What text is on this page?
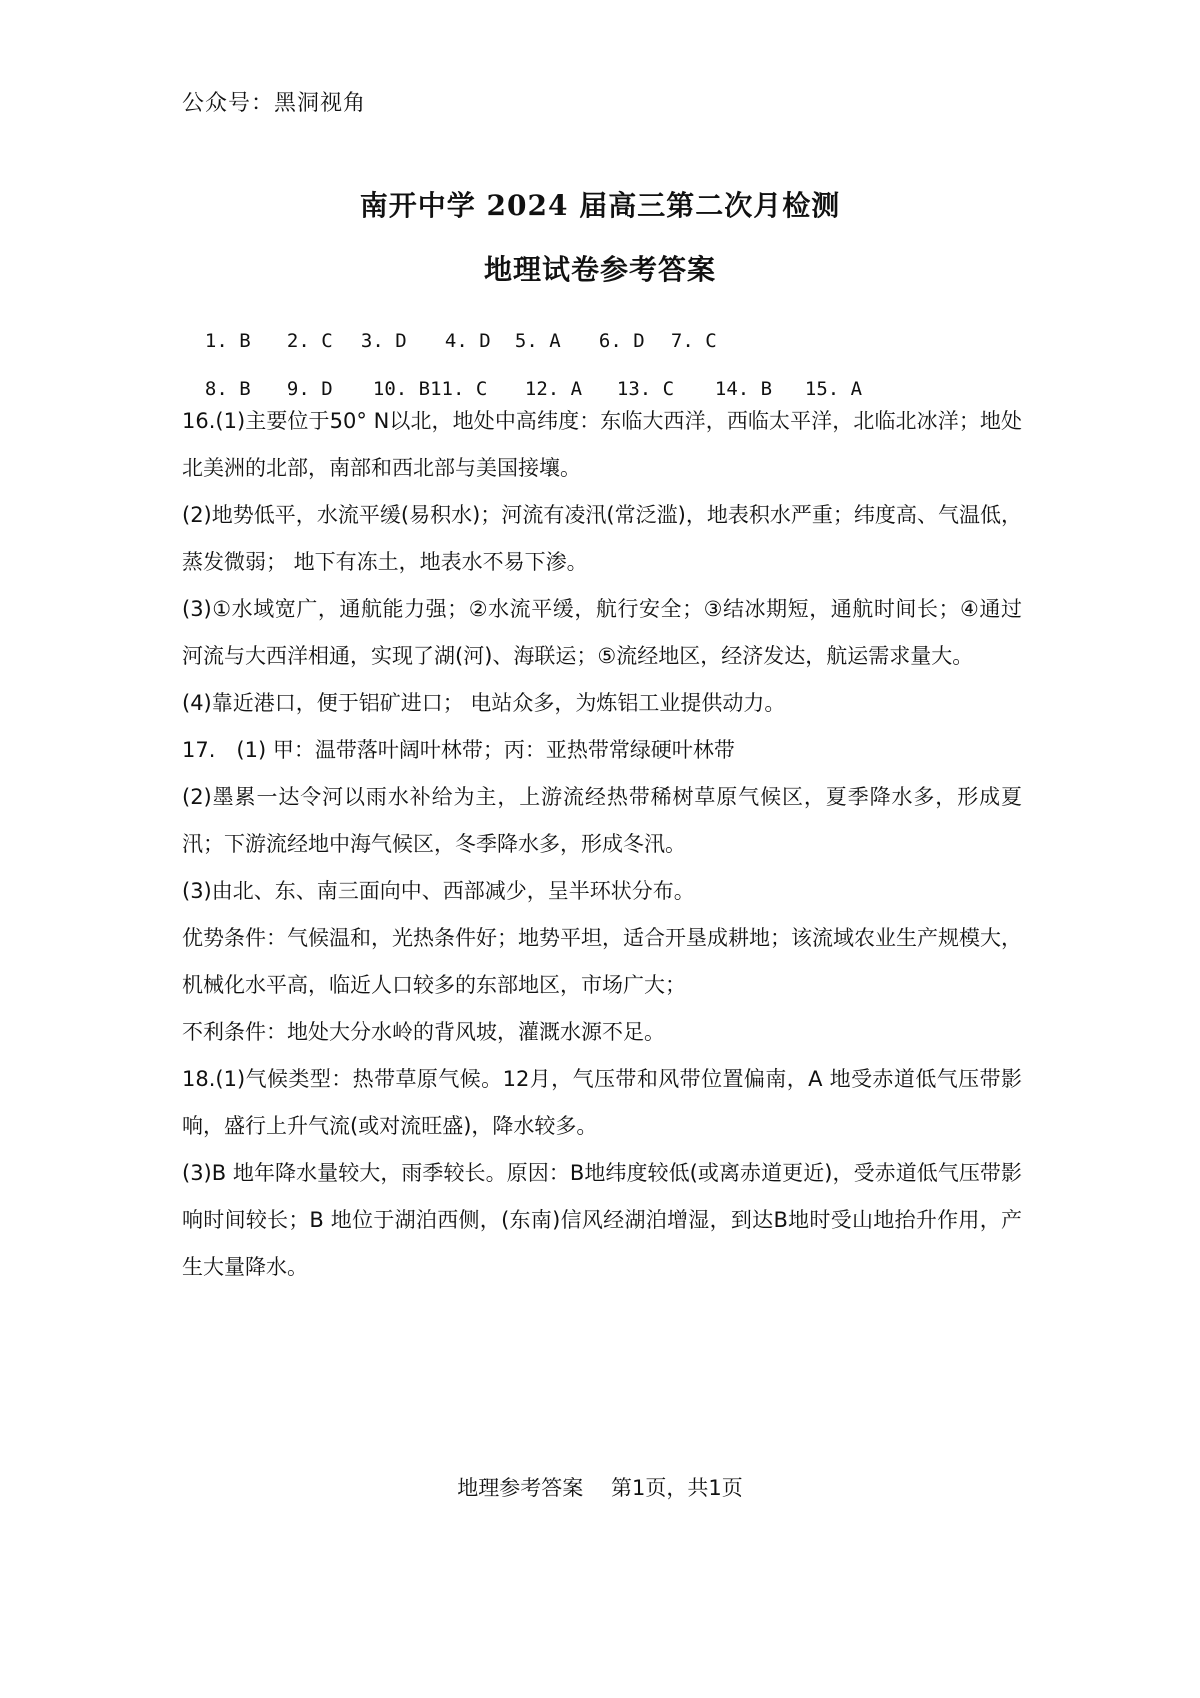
公众号：黑洞视角
南开中学 2024 届高三第二次月检测
地理试卷参考答案

1. B 2. C 3. D 4. D 5. A 6. D 7. C

8. B 9. D 10. B11. C 12. A 13. C 14. B 15. A

16.(1)主要位于50° N以北，地处中高纬度：东临大西洋，西临太平洋，北临北冰洋；地处北美洲的北部，南部和西北部与美国接壤。

(2)地势低平，水流平缓(易积水)；河流有凌汛(常泛滥)，地表积水严重；纬度高、气温低，蒸发微弱； 地下有冻土，地表水不易下渗。

(3)①水域宽广，通航能力强；②水流平缓，航行安全；③结冰期短，通航时间长；④通过河流与大西洋相通，实现了湖(河)、海联运；⑤流经地区，经济发达，航运需求量大。

(4)靠近港口，便于铝矿进口； 电站众多，为炼铝工业提供动力。

17.　(1) 甲：温带落叶阔叶林带；丙：亚热带常绿硬叶林带

(2)墨累一达令河以雨水补给为主，上游流经热带稀树草原气候区，夏季降水多，形成夏汛；下游流经地中海气候区，冬季降水多，形成冬汛。

(3)由北、东、南三面向中、西部减少，呈半环状分布。

优势条件：气候温和，光热条件好；地势平坦，适合开垦成耕地；该流域农业生产规模大，机械化水平高，临近人口较多的东部地区，市场广大；

不利条件：地处大分水岭的背风坡，灌溉水源不足。

18.(1)气候类型：热带草原气候。12月，气压带和风带位置偏南，A 地受赤道低气压带影响，盛行上升气流(或对流旺盛)，降水较多。

(3)B 地年降水量较大，雨季较长。原因：B地纬度较低(或离赤道更近)，受赤道低气压带影响时间较长；B 地位于湖泊西侧，(东南)信风经湖泊增湿，到达B地时受山地抬升作用，产生大量降水。

地理参考答案　 第1页，共1页
